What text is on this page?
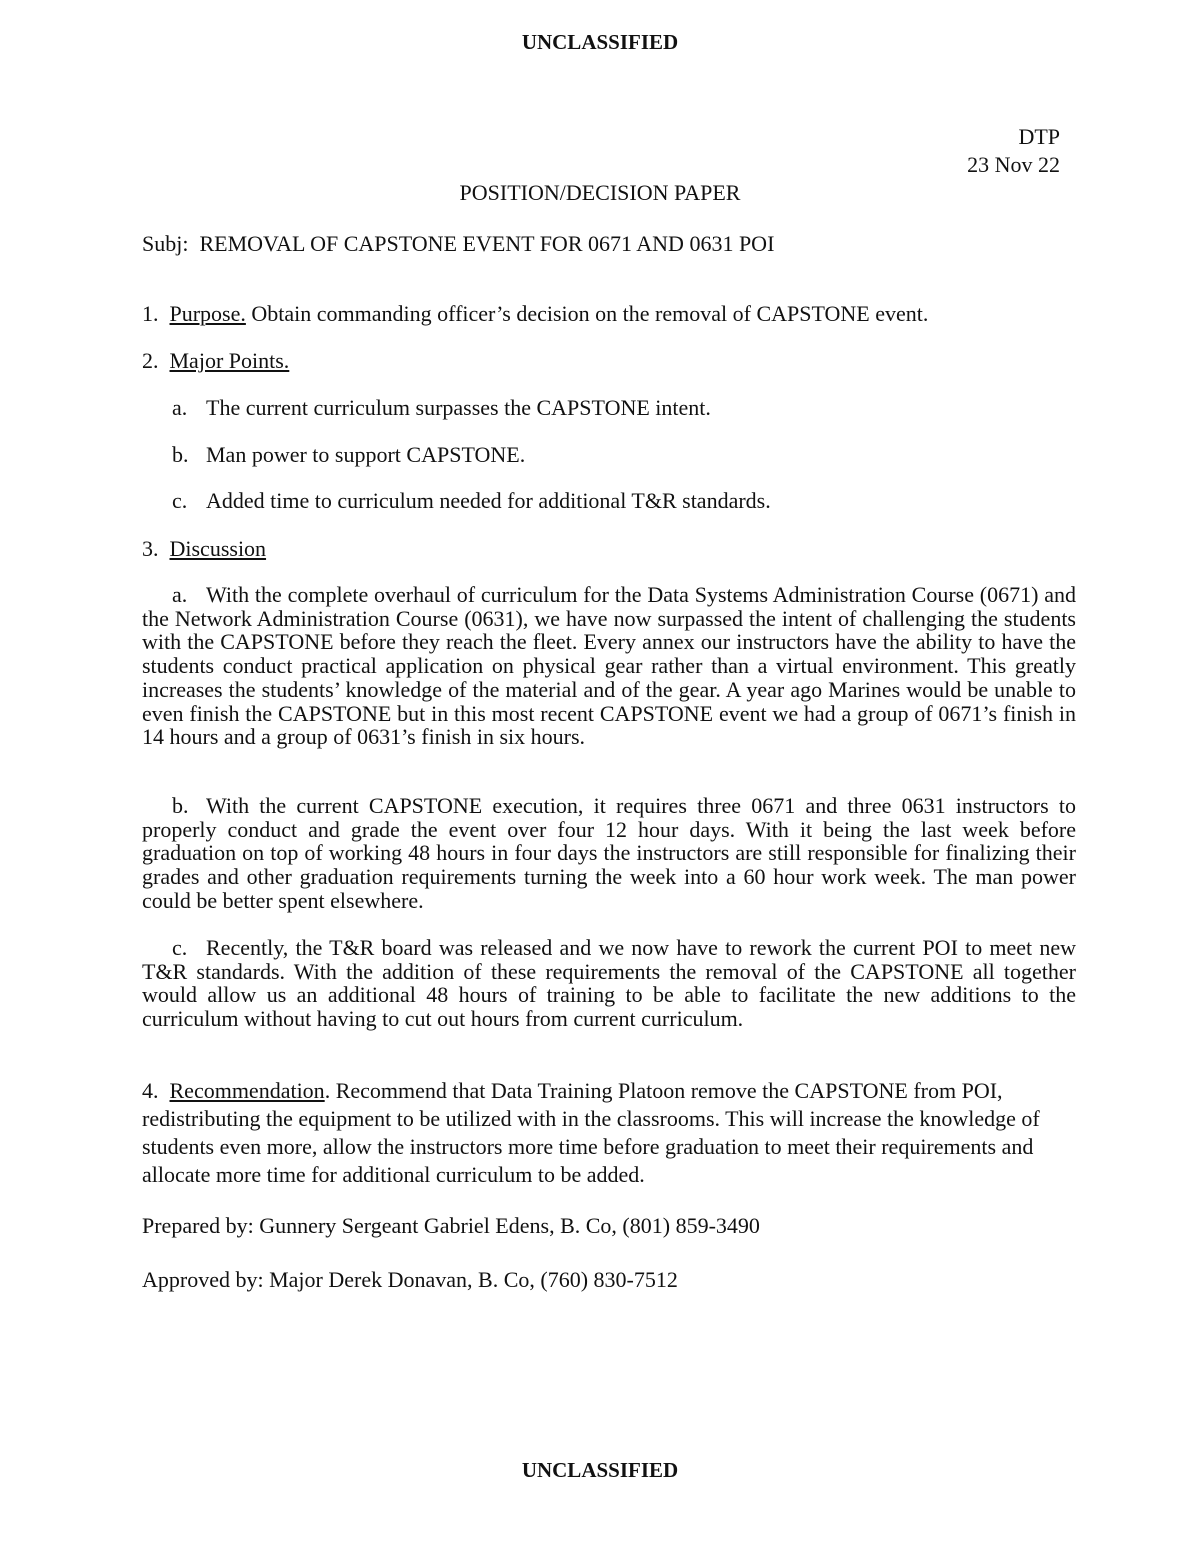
UNCLASSIFIED
DTP
23 Nov 22
POSITION/DECISION PAPER
Subj: REMOVAL OF CAPSTONE EVENT FOR 0671 AND 0631 POI
1. Purpose. Obtain commanding officer’s decision on the removal of CAPSTONE event.
2. Major Points.
a. The current curriculum surpasses the CAPSTONE intent.
b. Man power to support CAPSTONE.
c. Added time to curriculum needed for additional T&R standards.
3. Discussion
a. With the complete overhaul of curriculum for the Data Systems Administration Course (0671) and the Network Administration Course (0631), we have now surpassed the intent of challenging the students with the CAPSTONE before they reach the fleet. Every annex our instructors have the ability to have the students conduct practical application on physical gear rather than a virtual environment. This greatly increases the students’ knowledge of the material and of the gear. A year ago Marines would be unable to even finish the CAPSTONE but in this most recent CAPSTONE event we had a group of 0671’s finish in 14 hours and a group of 0631’s finish in six hours.
b. With the current CAPSTONE execution, it requires three 0671 and three 0631 instructors to properly conduct and grade the event over four 12 hour days. With it being the last week before graduation on top of working 48 hours in four days the instructors are still responsible for finalizing their grades and other graduation requirements turning the week into a 60 hour work week. The man power could be better spent elsewhere.
c. Recently, the T&R board was released and we now have to rework the current POI to meet new T&R standards. With the addition of these requirements the removal of the CAPSTONE all together would allow us an additional 48 hours of training to be able to facilitate the new additions to the curriculum without having to cut out hours from current curriculum.
4. Recommendation. Recommend that Data Training Platoon remove the CAPSTONE from POI, redistributing the equipment to be utilized with in the classrooms. This will increase the knowledge of students even more, allow the instructors more time before graduation to meet their requirements and allocate more time for additional curriculum to be added.
Prepared by: Gunnery Sergeant Gabriel Edens, B. Co, (801) 859-3490
Approved by: Major Derek Donavan, B. Co, (760) 830-7512
UNCLASSIFIED
